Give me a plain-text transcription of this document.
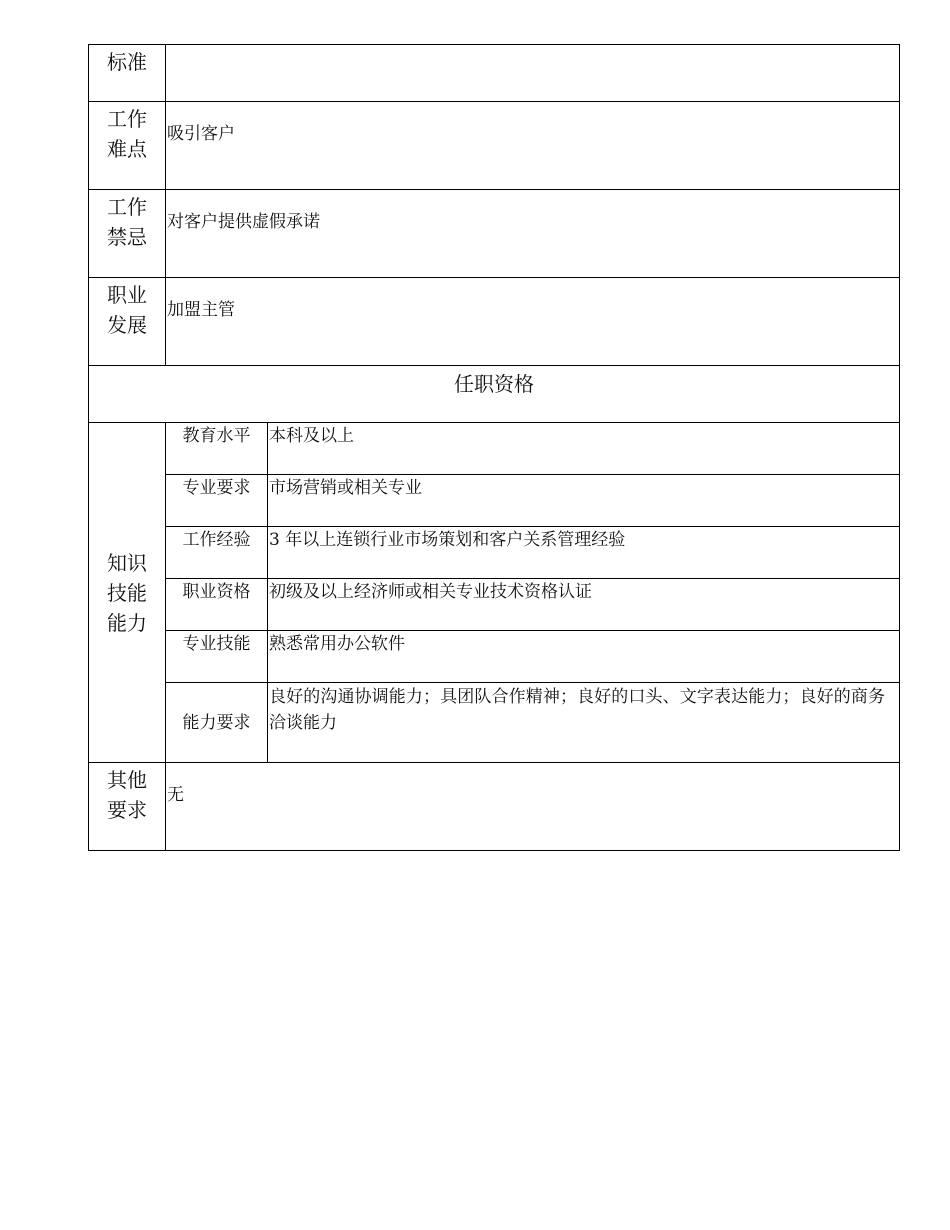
标准		

工作
难点	吸引客户	

工作
禁忌	对客户提供虚假承诺	

职业
发展	加盟主管	
任职资格		

知识
技能
能力	教育水平	本科及以上
	专业要求	市场营销或相关专业
	工作经验	3 年以上连锁行业市场策划和客户关系管理经验
	职业资格	初级及以上经济师或相关专业技术资格认证
	专业技能	熟悉常用办公软件
	能力要求	良好的沟通协调能力；具团队合作精神；良好的口头、文字表达能力；良好的商务洽谈能力

其他
要求	无	
